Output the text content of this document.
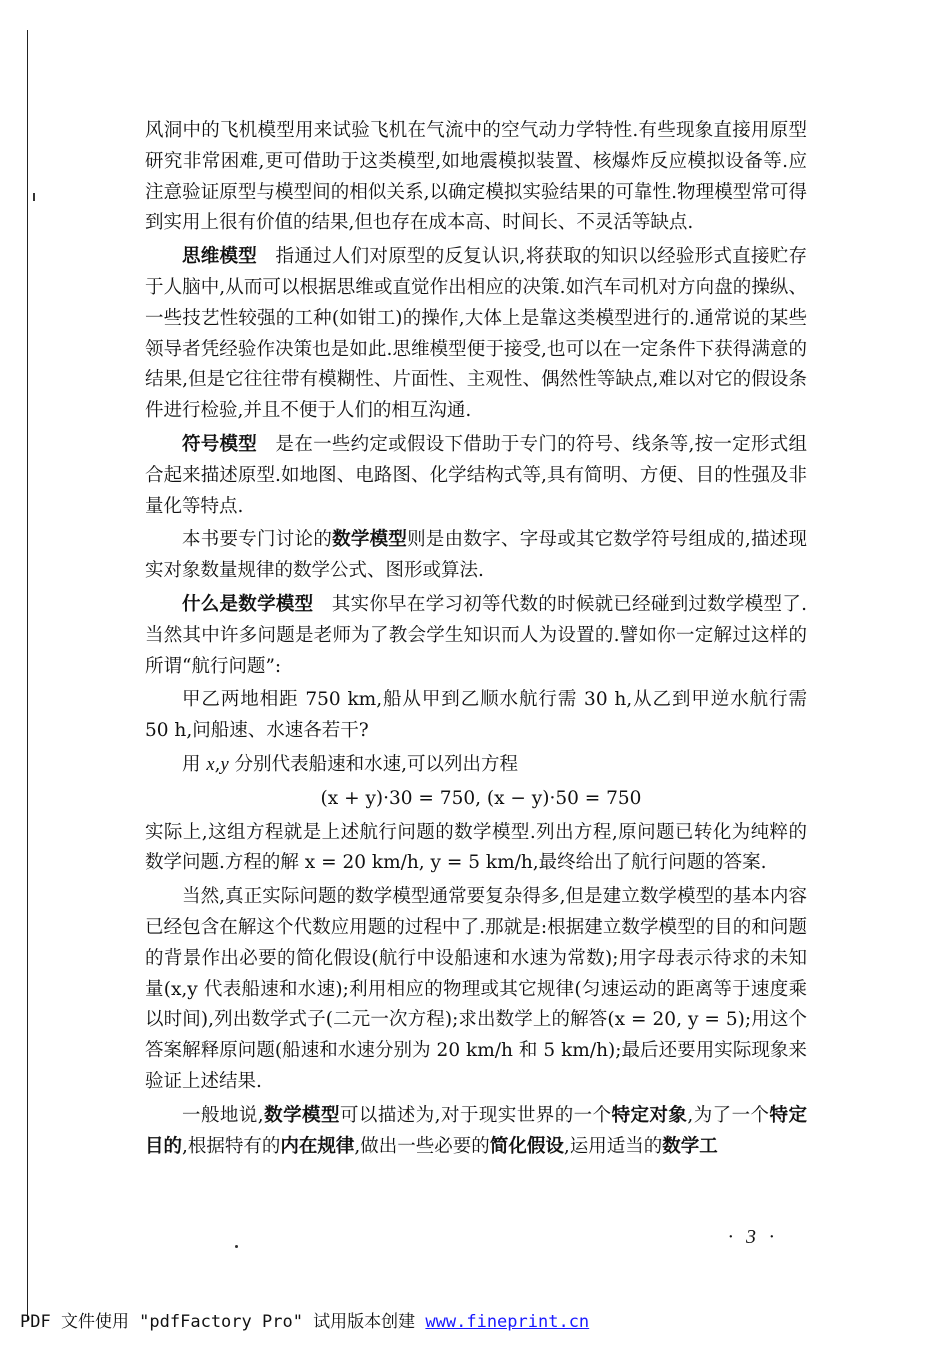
风洞中的飞机模型用来试验飞机在气流中的空气动力学特性.有些现象直接用原型研究非常困难,更可借助于这类模型,如地震模拟装置、核爆炸反应模拟设备等.应注意验证原型与模型间的相似关系,以确定模拟实验结果的可靠性.物理模型常可得到实用上很有价值的结果,但也存在成本高、时间长、不灵活等缺点.

思维模型 指通过人们对原型的反复认识,将获取的知识以经验形式直接贮存于人脑中,从而可以根据思维或直觉作出相应的决策.如汽车司机对方向盘的操纵、一些技艺性较强的工种(如钳工)的操作,大体上是靠这类模型进行的.通常说的某些领导者凭经验作决策也是如此.思维模型便于接受,也可以在一定条件下获得满意的结果,但是它往往带有模糊性、片面性、主观性、偶然性等缺点,难以对它的假设条件进行检验,并且不便于人们的相互沟通.

符号模型 是在一些约定或假设下借助于专门的符号、线条等,按一定形式组合起来描述原型.如地图、电路图、化学结构式等,具有简明、方便、目的性强及非量化等特点.

本书要专门讨论的数学模型则是由数字、字母或其它数学符号组成的,描述现实对象数量规律的数学公式、图形或算法.

什么是数学模型 其实你早在学习初等代数的时候就已经碰到过数学模型了.当然其中许多问题是老师为了教会学生知识而人为设置的.譬如你一定解过这样的所谓“航行问题”:

甲乙两地相距 750 km,船从甲到乙顺水航行需 30 h,从乙到甲逆水航行需 50 h,问船速、水速各若干?

用 x,y 分别代表船速和水速,可以列出方程

(x + y)·30 = 750, (x − y)·50 = 750

实际上,这组方程就是上述航行问题的数学模型.列出方程,原问题已转化为纯粹的数学问题.方程的解 x = 20 km/h, y = 5 km/h,最终给出了航行问题的答案.

当然,真正实际问题的数学模型通常要复杂得多,但是建立数学模型的基本内容已经包含在解这个代数应用题的过程中了.那就是:根据建立数学模型的目的和问题的背景作出必要的简化假设(航行中设船速和水速为常数);用字母表示待求的未知量(x,y 代表船速和水速);利用相应的物理或其它规律(匀速运动的距离等于速度乘以时间),列出数学式子(二元一次方程);求出数学上的解答(x = 20, y = 5);用这个答案解释原问题(船速和水速分别为 20 km/h 和 5 km/h);最后还要用实际现象来验证上述结果.

一般地说,数学模型可以描述为,对于现实世界的一个特定对象,为了一个特定目的,根据特有的内在规律,做出一些必要的简化假设,运用适当的数学工

· 3 ·
PDF 文件使用 "pdfFactory Pro" 试用版本创建 www.fineprint.cn
